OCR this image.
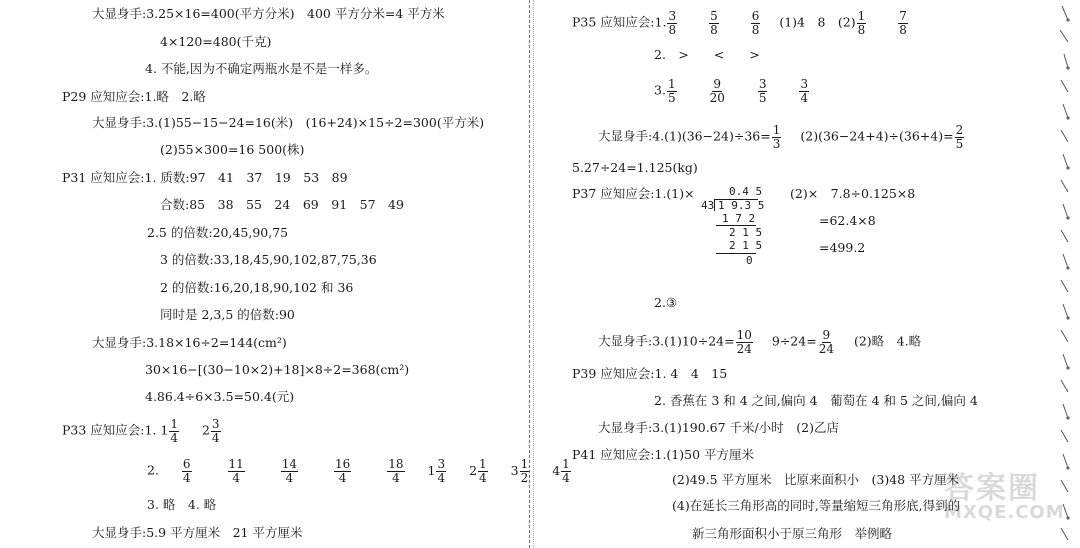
大显身手:3.25×16=400(平方分米)　400 平方分米=4 平方米
4×120=480(千克)
4. 不能,因为不确定两瓶水是不是一样多。
P29 应知应会:1.略　2.略
大显身手:3.(1)55−15−24=16(米)　(16+24)×15÷2=300(平方米)
(2)55×300=16 500(株)
P31 应知应会:1. 质数:97　41　37　19　53　89
合数:85　38　55　24　69　91　57　49
2.5 的倍数:20,45,90,75
3 的倍数:33,18,45,90,102,87,75,36
2 的倍数:16,20,18,90,102 和 36
同时是 2,3,5 的倍数:90
大显身手:3.18×16÷2=144(cm²)
30×16−[(30−10×2)+18]×8÷2=368(cm²)
4.86.4÷6×3.5=50.4(元)
P33 应知应会:1. $1 \frac{1}{4} 2 \frac{3}{4}$
2. $\frac{6}{4}$
	$\frac{11}{4}$
	$\frac{14}{4}$
	$\frac{16}{4}$
	$\frac{18}{4} 1 \frac{3}{4} 2 \frac{1}{4} 3 \frac{1}{2} 4 \frac{1}{4}$
3. 略　4. 略
大显身手:5.9 平方厘米　21 平方厘米
P35 应知应会:1. $\frac{3}{8}$
	$\frac{5}{8}$
	$\frac{6}{8} (1)4$　8　$(2) \frac{1}{8}$
	$\frac{7}{8}$
2.　>　　<　　>
3. $\frac{1}{5}$
	$\frac{9}{20}$
	$\frac{3}{5}$
	$\frac{3}{4}$
大显身手:4.(1)(36−24)÷36= $\frac{1}{3} (2)(36-24+4)\div(36+4)= \frac{2}{5}$
5.27÷24=1.125(kg)
P37 应知应会:1.(1)×	0.4 5
43 1 9.3 5
1 7 2
2 1 5
2 1 5
0
(2)×　7.8÷0.125×8
=62.4×8
=499.2
2.③
大显身手:3.(1)10÷24= $\frac{10}{24} 9\div 24= \frac{9}{24} (2)$略　4.略
P39 应知应会:1. 4　4　15
2. 香蕉在 3 和 4 之间,偏向 4　葡萄在 4 和 5 之间,偏向 4
大显身手:3.(1)190.67 千米/小时　(2)乙店
P41 应知应会:1.(1)50 平方厘米
(2)49.5 平方厘米　比原来面积小　(3)48 平方厘米
(4)在延长三角形高的同时,等量缩短三角形底,得到的
新三角形面积小于原三角形　举例略
答案圈
MXQE.COM
